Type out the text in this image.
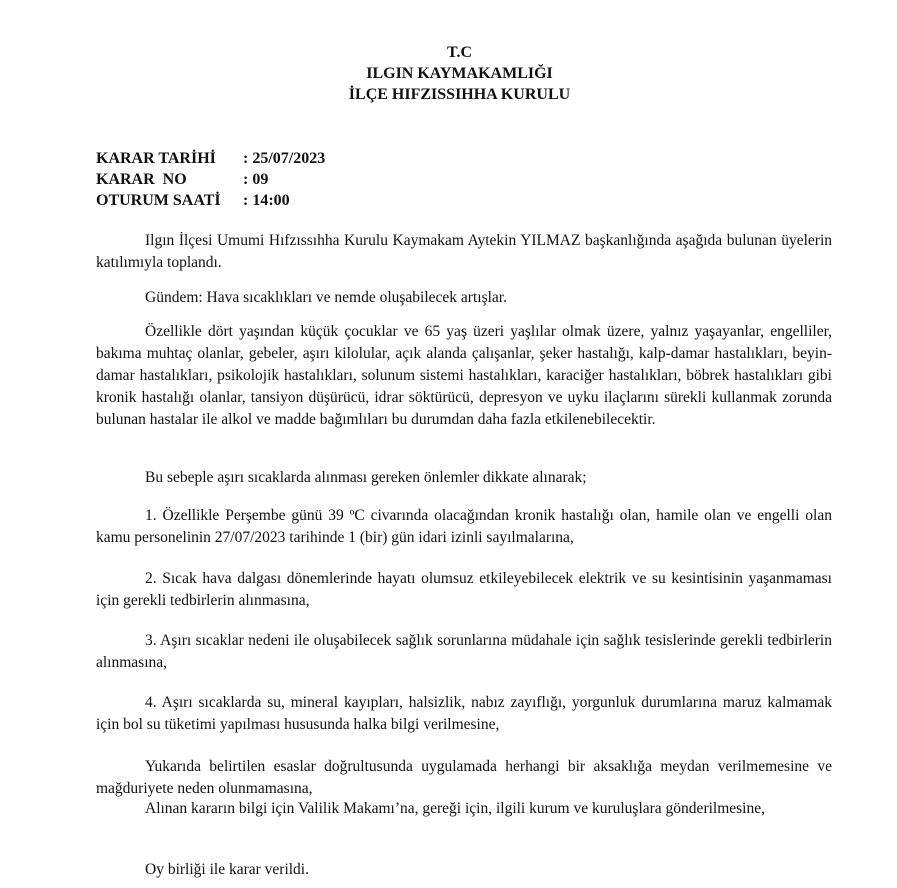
T.C
ILGIN KAYMAKAMLIĞI
İLÇE HIFZISSIHHA KURULU
KARAR TARİHİ	: 25/07/2023
KARAR  NO	: 09
OTURUM SAATİ	: 14:00
Ilgın İlçesi Umumi Hıfzıssıhha Kurulu Kaymakam Aytekin YILMAZ başkanlığında aşağıda bulunan üyelerin katılımıyla toplandı.
Gündem: Hava sıcaklıkları ve nemde oluşabilecek artışlar.
Özellikle dört yaşından küçük çocuklar ve 65 yaş üzeri yaşlılar olmak üzere, yalnız yaşayanlar, engelliler, bakıma muhtaç olanlar, gebeler, aşırı kilolular, açık alanda çalışanlar, şeker hastalığı, kalp-damar hastalıkları, beyin-damar hastalıkları, psikolojik hastalıkları, solunum sistemi hastalıkları, karaciğer hastalıkları, böbrek hastalıkları gibi kronik hastalığı olanlar, tansiyon düşürücü, idrar söktürücü, depresyon ve uyku ilaçlarını sürekli kullanmak zorunda bulunan hastalar ile alkol ve madde bağımlıları bu durumdan daha fazla etkilenebilecektir.
Bu sebeple aşırı sıcaklarda alınması gereken önlemler dikkate alınarak;
1. Özellikle Perşembe günü 39 ºC civarında olacağından kronik hastalığı olan, hamile olan ve engelli olan kamu personelinin 27/07/2023 tarihinde 1 (bir) gün idari izinli sayılmalarına,
2. Sıcak hava dalgası dönemlerinde hayatı olumsuz etkileyebilecek elektrik ve su kesintisinin yaşanmaması için gerekli tedbirlerin alınmasına,
3. Aşırı sıcaklar nedeni ile oluşabilecek sağlık sorunlarına müdahale için sağlık tesislerinde gerekli tedbirlerin alınmasına,
4. Aşırı sıcaklarda su, mineral kayıpları, halsizlik, nabız zayıflığı, yorgunluk durumlarına maruz kalmamak için bol su tüketimi yapılması hususunda halka bilgi verilmesine,
Yukarıda belirtilen esaslar doğrultusunda uygulamada herhangi bir aksaklığa meydan verilmemesine ve mağduriyete neden olunmamasına,
Alınan kararın bilgi için Valilik Makamı’na, gereği için, ilgili kurum ve kuruluşlara gönderilmesine,
Oy birliği ile karar verildi.
